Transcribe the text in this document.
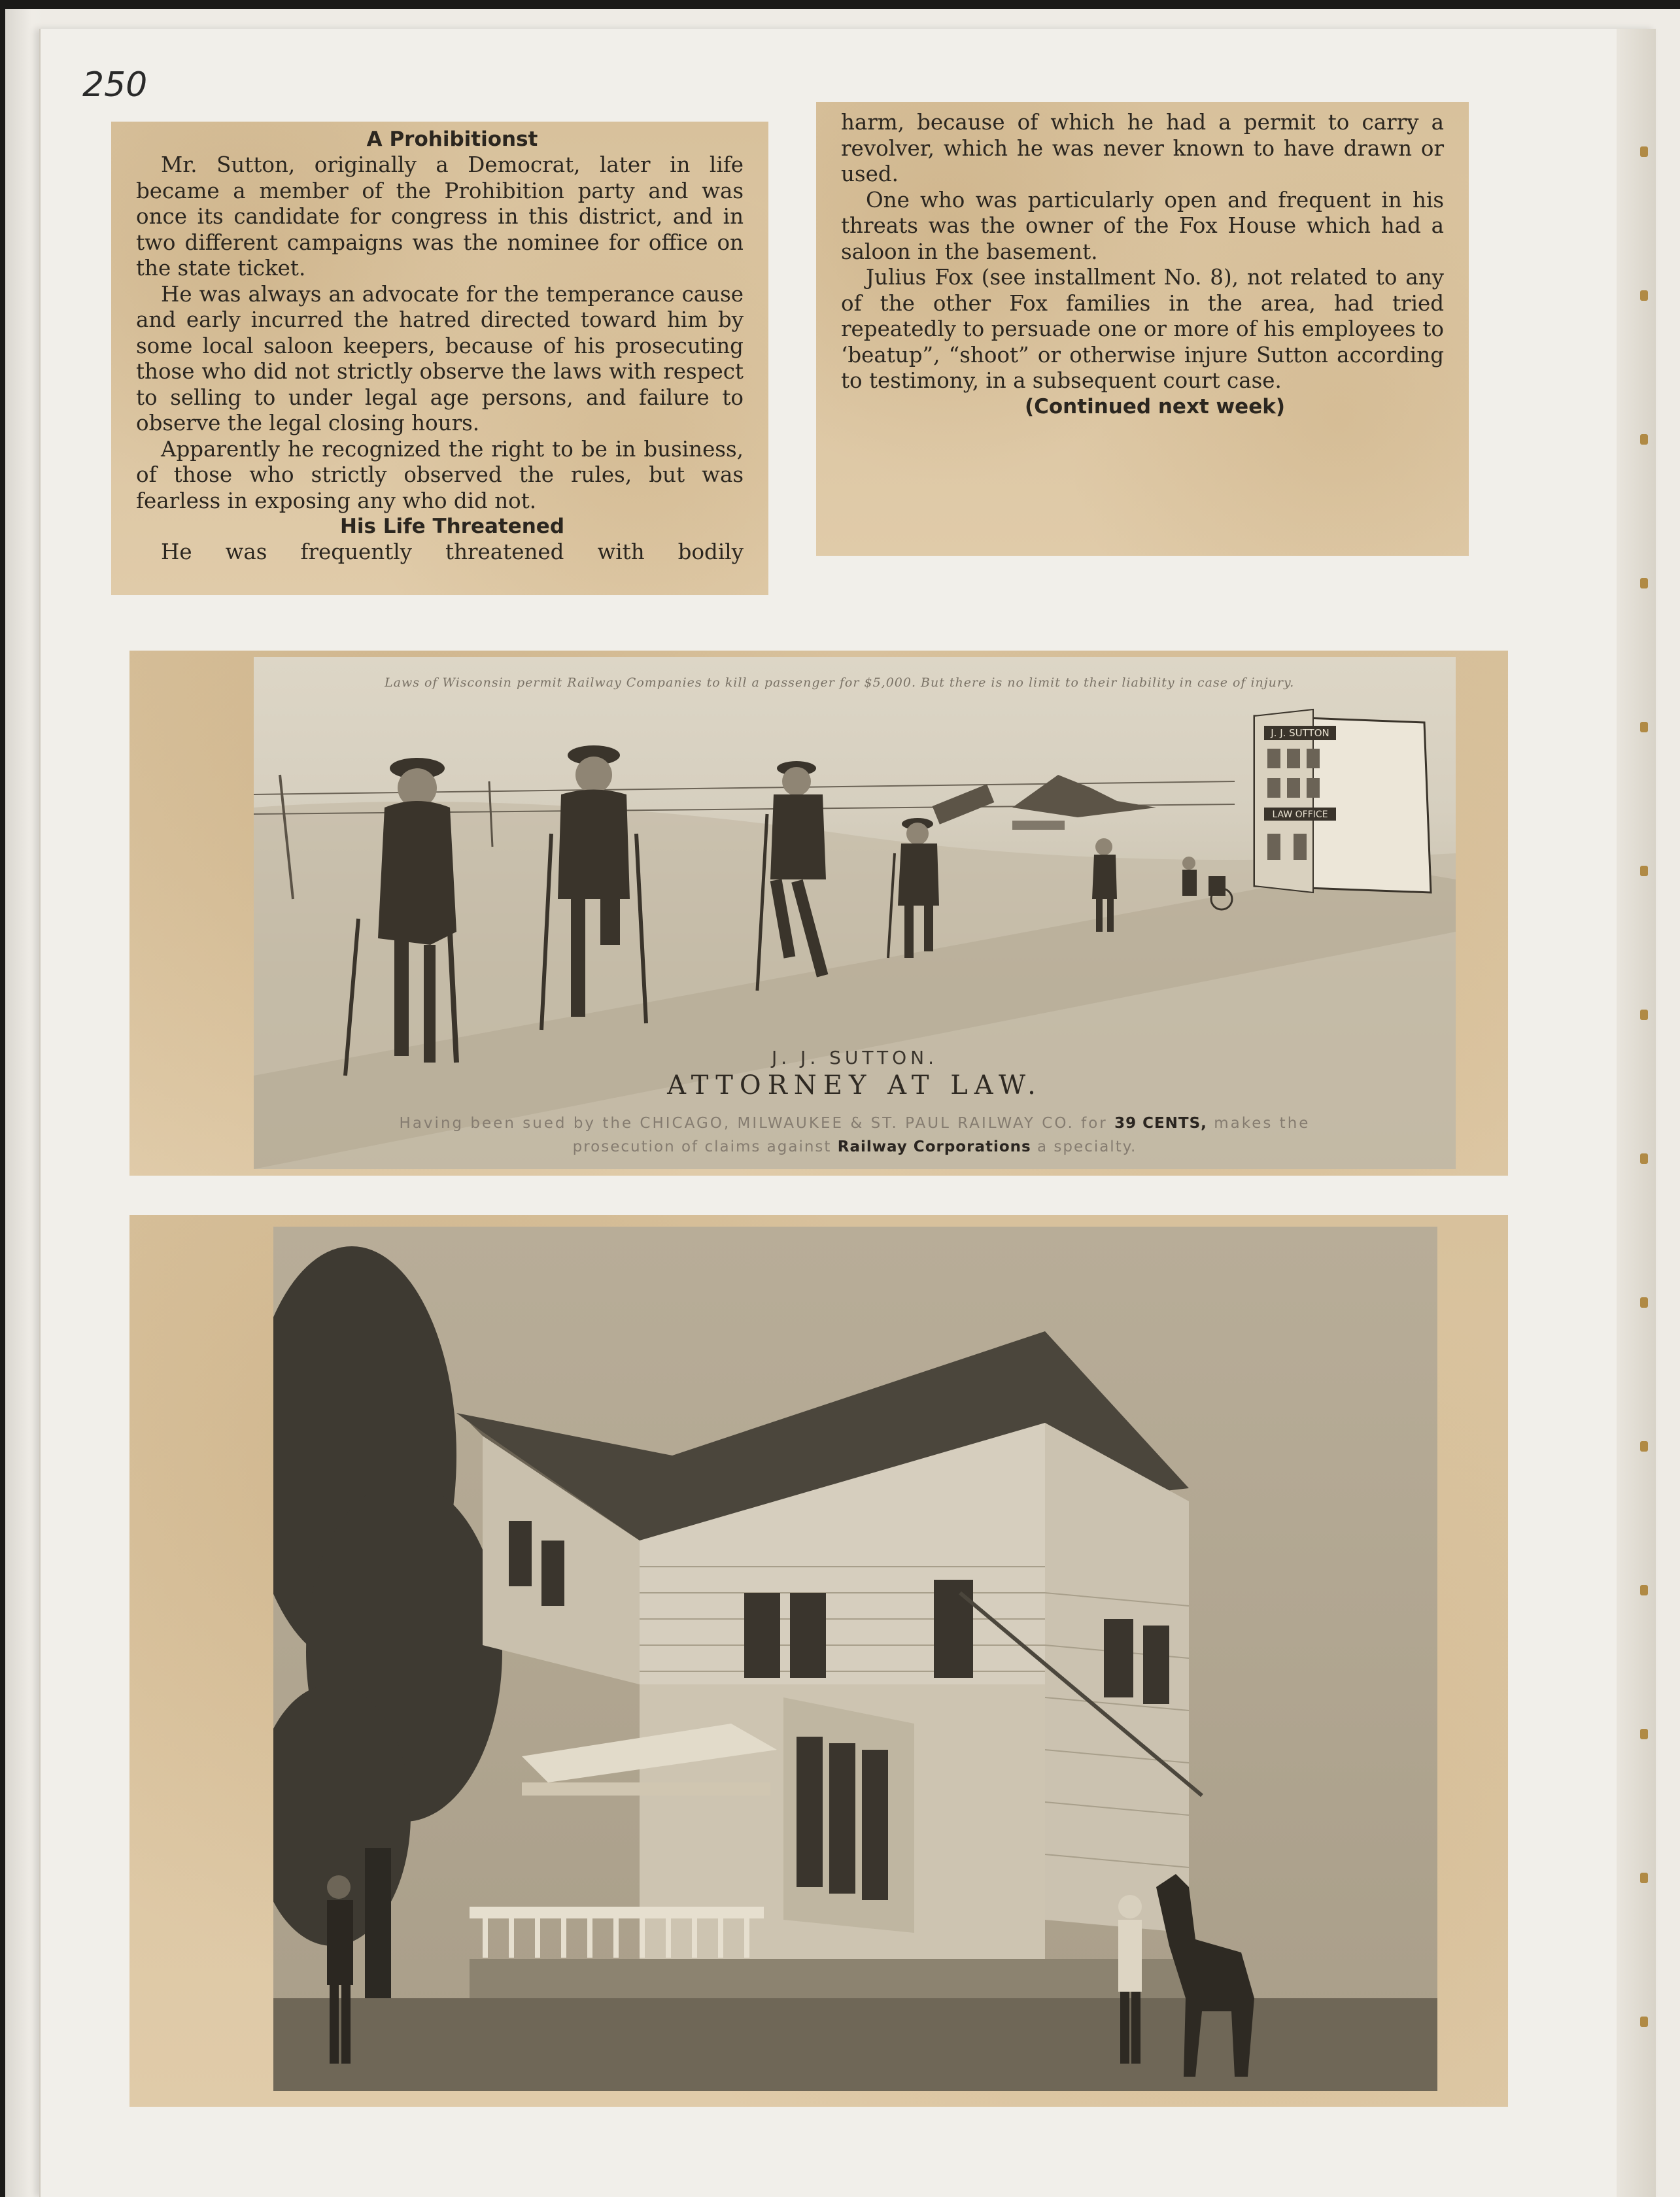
250

A Prohibitionst

Mr. Sutton, originally a Democrat, later in life became a member of the Prohibition party and was once its candidate for congress in this district, and in two different campaigns was the nominee for office on the state ticket.

He was always an advocate for the temperance cause and early incurred the hatred directed toward him by some local saloon keepers, because of his prosecuting those who did not strictly observe the laws with respect to selling to under legal age persons, and failure to observe the legal closing hours.

Apparently he recognized the right to be in business, of those who strictly observed the rules, but was fearless in exposing any who did not.

His Life Threatened

He was frequently threatened with bodily

harm, because of which he had a permit to carry a revolver, which he was never known to have drawn or used.

One who was particularly open and frequent in his threats was the owner of the Fox House which had a saloon in the basement.

Julius Fox (see installment No. 8), not related to any of the other Fox families in the area, had tried repeatedly to persuade one or more of his employees to ‘beatup”, “shoot” or otherwise injure Sutton according to testimony, in a subsequent court case.

(Continued next week)

J. J. SUTTON
LAW OFFICE
Laws of Wisconsin permit Railway Companies to kill a passenger for $5,000. But there is no limit to their liability in case of injury.
J. J. SUTTON.
ATTORNEY AT LAW.
Having been sued by the CHICAGO, MILWAUKEE & ST. PAUL RAILWAY CO. for 39 CENTS, makes the
prosecution of claims against Railway Corporations a specialty.
